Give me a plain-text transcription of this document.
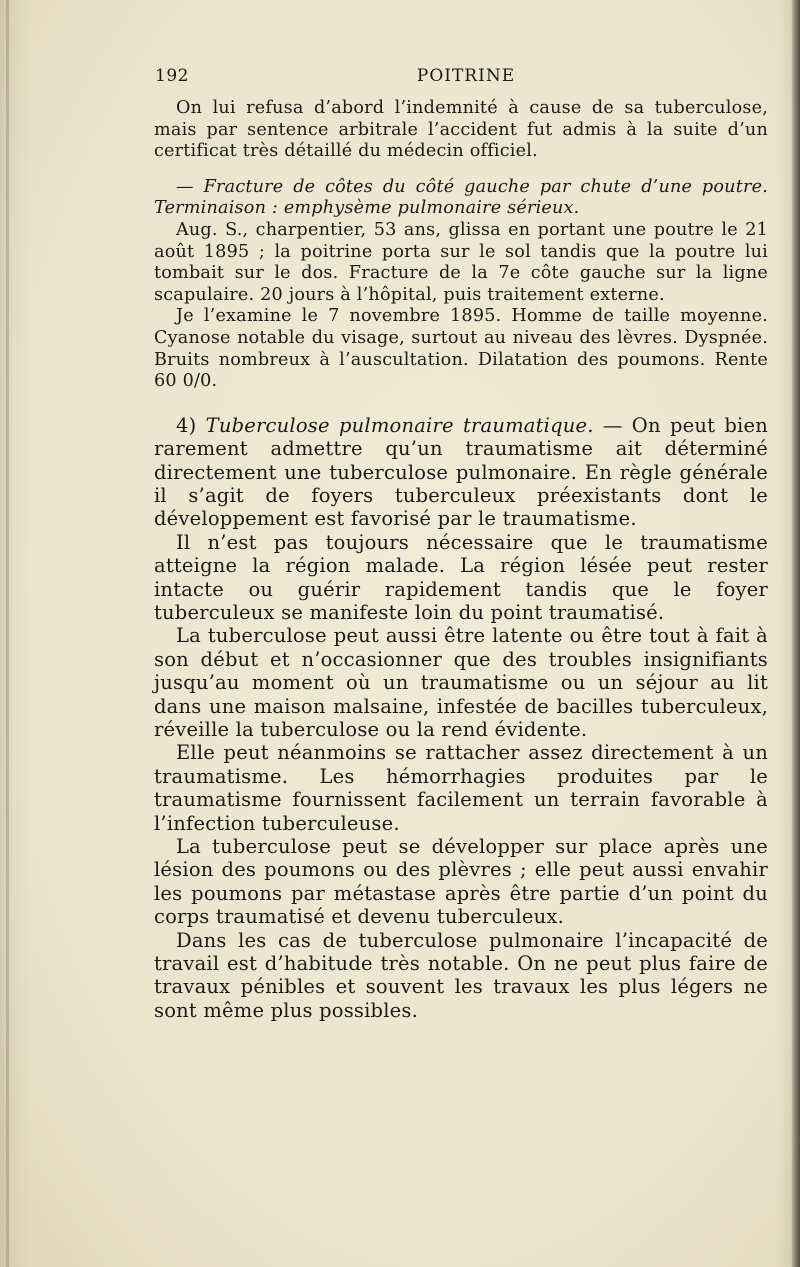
192	POITRINE

On lui refusa d’abord l’indemnité à cause de sa tuberculose, mais par sentence arbitrale l’accident fut admis à la suite d’un certificat très détaillé du médecin officiel.

— Fracture de côtes du côté gauche par chute d’une poutre. Terminaison : emphysème pulmonaire sérieux.

Aug. S., charpentier, 53 ans, glissa en portant une poutre le 21 août 1895 ; la poitrine porta sur le sol tandis que la poutre lui tombait sur le dos. Fracture de la 7e côte gauche sur la ligne scapulaire. 20 jours à l’hôpital, puis traitement externe.

Je l’examine le 7 novembre 1895. Homme de taille moyenne. Cyanose notable du visage, surtout au niveau des lèvres. Dyspnée. Bruits nombreux à l’auscultation. Dilatation des poumons. Rente 60 0/0.

4) Tuberculose pulmonaire traumatique. — On peut bien rarement admettre qu’un traumatisme ait déterminé directement une tuberculose pulmonaire. En règle générale il s’agit de foyers tuberculeux préexistants dont le développement est favorisé par le traumatisme.

Il n’est pas toujours nécessaire que le traumatisme atteigne la région malade. La région lésée peut rester intacte ou guérir rapidement tandis que le foyer tuberculeux se manifeste loin du point traumatisé.

La tuberculose peut aussi être latente ou être tout à fait à son début et n’occasionner que des troubles insignifiants jusqu’au moment où un traumatisme ou un séjour au lit dans une maison malsaine, infestée de bacilles tuberculeux, réveille la tuberculose ou la rend évidente.

Elle peut néanmoins se rattacher assez directement à un traumatisme. Les hémorrhagies produites par le traumatisme fournissent facilement un terrain favorable à l’infection tuberculeuse.

La tuberculose peut se développer sur place après une lésion des poumons ou des plèvres ; elle peut aussi envahir les poumons par métastase après être partie d’un point du corps traumatisé et devenu tuberculeux.

Dans les cas de tuberculose pulmonaire l’incapacité de travail est d’habitude très notable. On ne peut plus faire de travaux pénibles et souvent les travaux les plus légers ne sont même plus possibles.
